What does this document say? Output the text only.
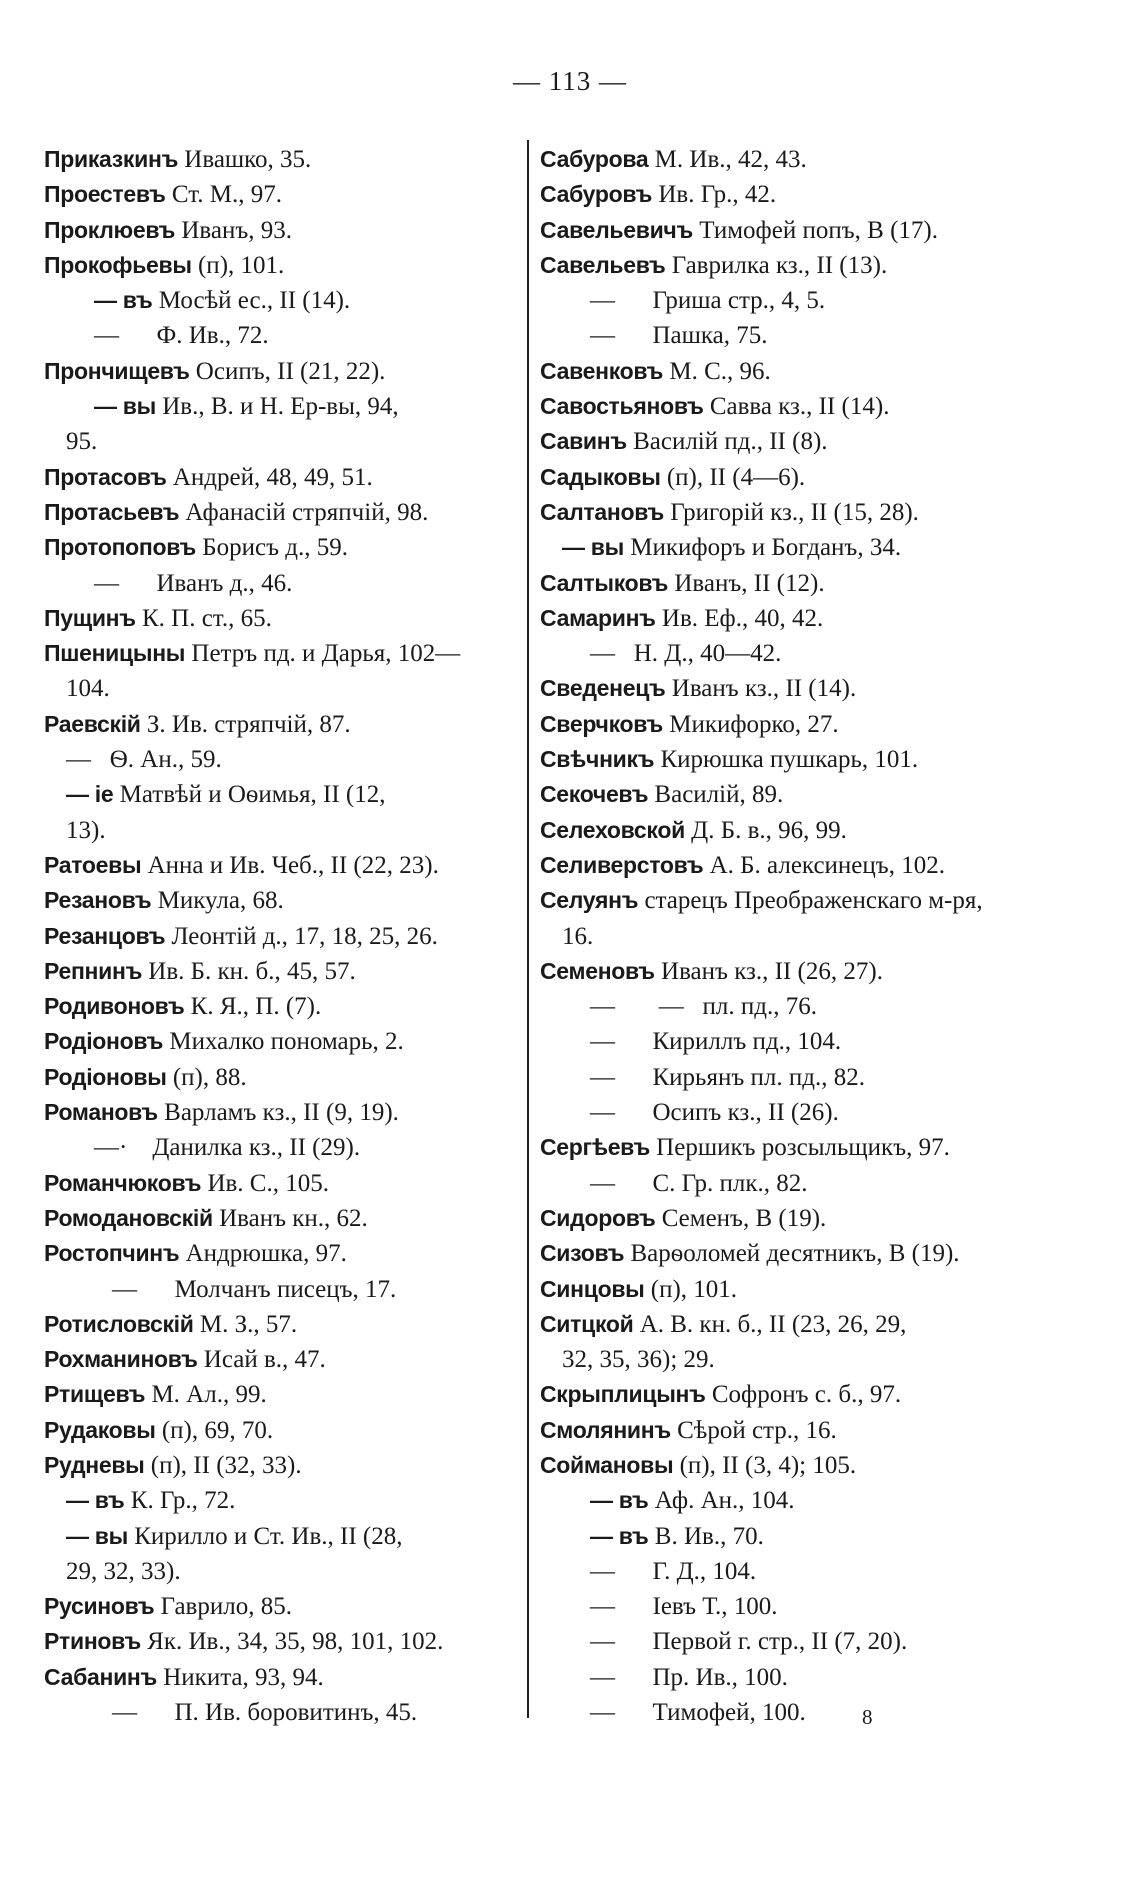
— 113 —
Приказкинъ Ивашко, 35.
Проестевъ Ст. М., 97.
Проклюевъ Иванъ, 93.
Прокофьевы (п), 101.
— въ Мосѣй ес., II (14).
—      Ф. Ив., 72.
Прончищевъ Осипъ, II (21, 22).
— вы Ив., В. и Н. Ер-вы, 94,
95.
Протасовъ Андрей, 48, 49, 51.
Протасьевъ Афанасій стряпчій, 98.
Протопоповъ Борисъ д., 59.
—      Иванъ д., 46.
Пущинъ К. П. ст., 65.
Пшеницыны Петръ пд. и Дарья, 102—
104.
Раевскій З. Ив. стряпчій, 87.
—   Ѳ. Ан., 59.
— іе Матвѣй и Оѳимья, II (12,
13).
Ратоевы Анна и Ив. Чеб., II (22, 23).
Резановъ Микула, 68.
Резанцовъ Леонтій д., 17, 18, 25, 26.
Репнинъ Ив. Б. кн. б., 45, 57.
Родивоновъ К. Я., П. (7).
Родіоновъ Михалко пономарь, 2.
Родіоновы (п), 88.
Романовъ Варламъ кз., II (9, 19).
—·    Данилка кз., II (29).
Романчюковъ Ив. С., 105.
Ромодановскій Иванъ кн., 62.
Ростопчинъ Андрюшка, 97.
—      Молчанъ писецъ, 17.
Ротисловскій М. З., 57.
Рохманиновъ Исай в., 47.
Ртищевъ М. Ал., 99.
Рудаковы (п), 69, 70.
Рудневы (п), II (32, 33).
— въ К. Гр., 72.
— вы Кирилло и Ст. Ив., II (28,
29, 32, 33).
Русиновъ Гаврило, 85.
Ртиновъ Як. Ив., 34, 35, 98, 101, 102.
Сабанинъ Никита, 93, 94.
—      П. Ив. боровитинъ, 45.
Сабурова М. Ив., 42, 43.
Сабуровъ Ив. Гр., 42.
Савельевичъ Тимофей попъ, В (17).
Савельевъ Гаврилка кз., II (13).
—      Гриша стр., 4, 5.
—      Пашка, 75.
Савенковъ М. С., 96.
Савостьяновъ Савва кз., II (14).
Савинъ Василій пд., II (8).
Садыковы (п), II (4—6).
Салтановъ Григорій кз., II (15, 28).
— вы Микифоръ и Богданъ, 34.
Салтыковъ Иванъ, II (12).
Самаринъ Ив. Еф., 40, 42.
—   Н. Д., 40—42.
Сведенецъ Иванъ кз., II (14).
Сверчковъ Микифорко, 27.
Свѣчникъ Кирюшка пушкарь, 101.
Секочевъ Василій, 89.
Селеховской Д. Б. в., 96, 99.
Селиверстовъ А. Б. алексинецъ, 102.
Селуянъ старецъ Преображенскаго м-ря,
16.
Семеновъ Иванъ кз., II (26, 27).
—       —   пл. пд., 76.
—      Кириллъ пд., 104.
—      Кирьянъ пл. пд., 82.
—      Осипъ кз., II (26).
Сергѣевъ Першикъ розсыльщикъ, 97.
—      С. Гр. плк., 82.
Сидоровъ Семенъ, В (19).
Сизовъ Варѳоломей десятникъ, В (19).
Синцовы (п), 101.
Ситцкой А. В. кн. б., II (23, 26, 29,
32, 35, 36); 29.
Скрыплицынъ Софронъ с. б., 97.
Смолянинъ Сѣрой стр., 16.
Соймановы (п), II (3, 4); 105.
— въ Аф. Ан., 104.
— въ В. Ив., 70.
—      Г. Д., 104.
—      Іевъ Т., 100.
—      Первой г. стр., II (7, 20).
—      Пр. Ив., 100.
—      Тимофей, 100.	8
